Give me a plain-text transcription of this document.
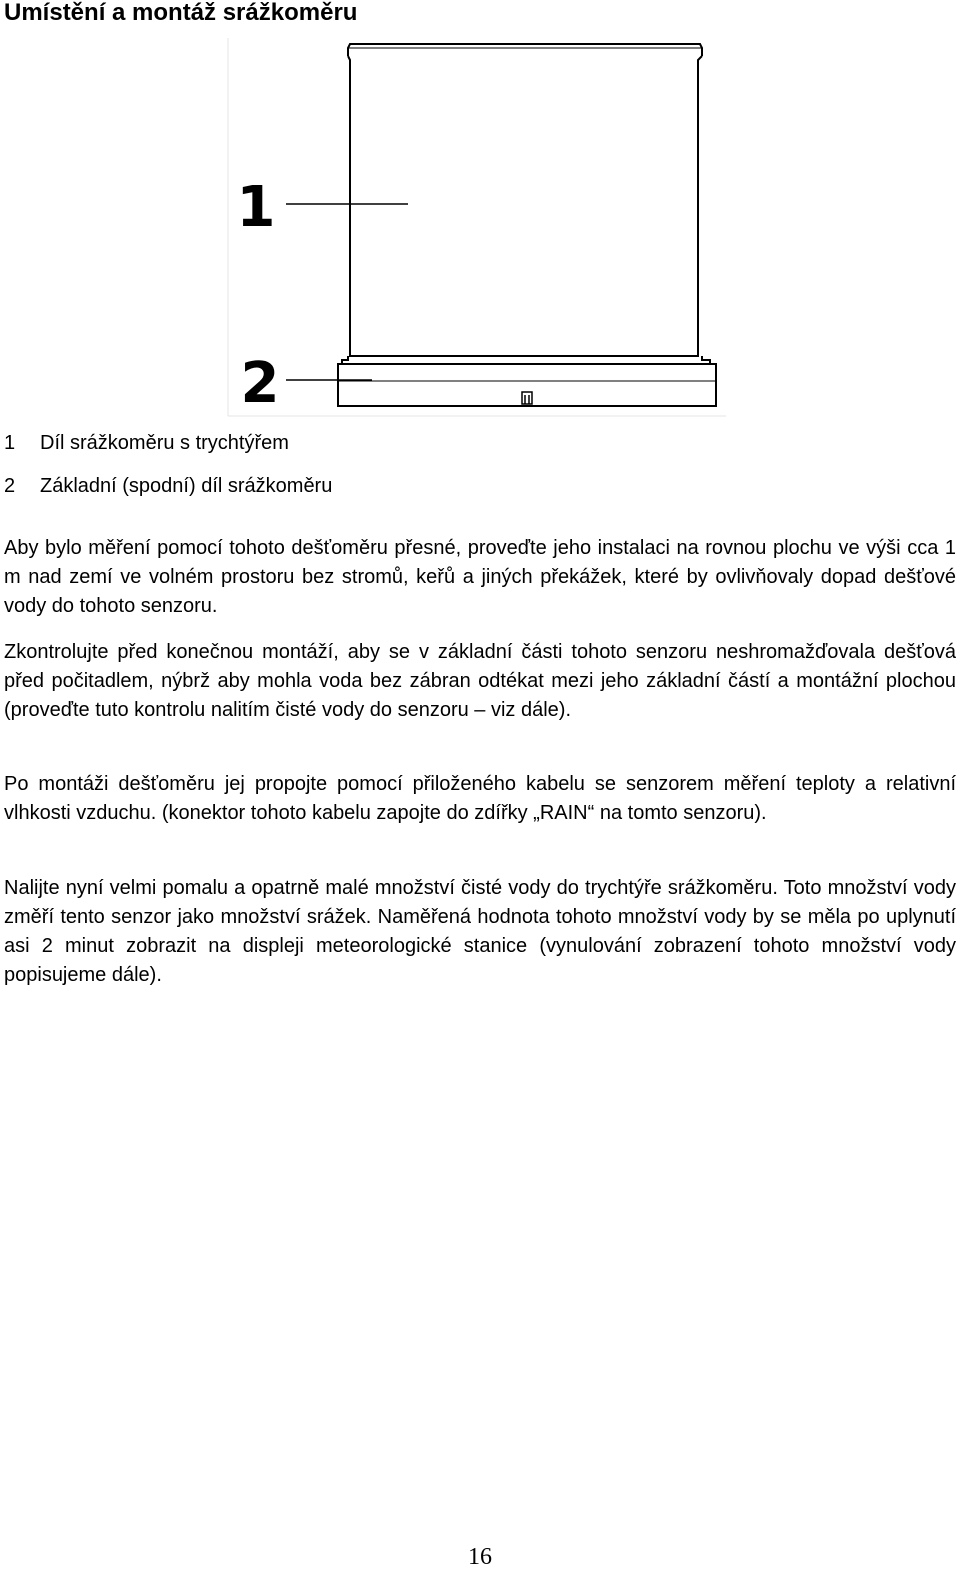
Umístění a montáž srážkoměru
1
2
1 Díl srážkoměru s trychtýřem
2 Základní (spodní) díl srážkoměru

Aby bylo měření pomocí tohoto dešťoměru přesné, proveďte jeho instalaci na rovnou plochu ve výši cca 1 m nad zemí ve volném prostoru bez stromů, keřů a jiných překážek, které by ovlivňovaly dopad dešťové vody do tohoto senzoru.

Zkontrolujte před konečnou montáží, aby se v základní části tohoto senzoru neshromažďovala dešťová před počitadlem, nýbrž aby mohla voda bez zábran odtékat mezi jeho základní částí a montážní plochou (proveďte tuto kontrolu nalitím čisté vody do senzoru – viz dále).

Po montáži dešťoměru jej propojte pomocí přiloženého kabelu se senzorem měření teploty a relativní vlhkosti vzduchu. (konektor tohoto kabelu zapojte do zdířky „RAIN“ na tomto senzoru).

Nalijte nyní velmi pomalu a opatrně malé množství čisté vody do trychtýře srážkoměru. Toto množství vody změří tento senzor jako množství srážek. Naměřená hodnota tohoto množství vody by se měla po uplynutí asi 2 minut zobrazit na displeji meteorologické stanice (vynulování zobrazení tohoto množství vody popisujeme dále).

16
